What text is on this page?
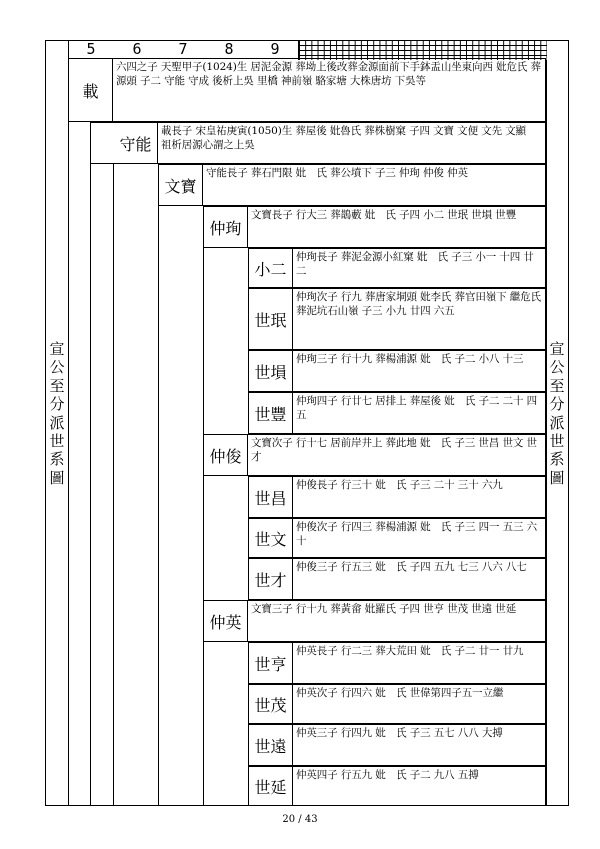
宣
公
至
分
派
世
系
圖
宣
公
至
分
派
世
系
圖
5 6 7 8 9
載
六四之子 天聖甲子(1024)生 居泥金源 葬坳上後改葬金源面前下手鉢盂山坐東向西 妣危氏 葬源頭 子二 守能 守成 後析上吳 里橋 神前嶺 駱家塘 大株唐坊 下吳等
守能
載長子 宋皇祐庚寅(1050)生 葬屋後 妣魯氏 葬株樹窠 子四 文寶 文便 文先 文顯　祖析居源心謂之上吳
文寶
守能長子 葬石門限 妣　氏 葬公墳下 子三 仲珣 仲俊 仲英
仲珣
文寶長子 行大三 葬鵲藪 妣　氏 子四 小二 世珉 世塤 世豐
小二
仲珣長子 葬泥金源小紅窠 妣　氏 子三 小一 十四 廿二
世珉
仲珣次子 行九 葬唐家垌頭 妣李氏 葬官田嶺下 繼危氏 葬泥坑石山嶺 子三 小九 廿四 六五
世塤
仲珣三子 行十九 葬楊浦源 妣　氏 子二 小八 十三
世豐
仲珣四子 行廿七 居排上 葬屋後 妣　氏 子二 二十 四五
仲俊
文寶次子 行十七 居前岸井上 葬此地 妣　氏 子三 世昌 世文 世才
世昌
仲俊長子 行三十 妣　氏 子三 二十 三十 六九
世文
仲俊次子 行四三 葬楊浦源 妣　氏 子三 四一 五三 六十
世才
仲俊三子 行五三 妣　氏 子四 五九 七三 八六 八七
仲英
文寶三子 行十九 葬黃畲 妣羅氏 子四 世亨 世茂 世遠 世延
世亨
仲英長子 行二三 葬大荒田 妣　氏 子二 廿一 廿九
世茂
仲英次子 行四六 妣　氏 世偉第四子五一立繼
世遠
仲英三子 行四九 妣　氏 子三 五七 八八 大搏
世延
仲英四子 行五九 妣　氏 子二 九八 五搏
20 / 43
